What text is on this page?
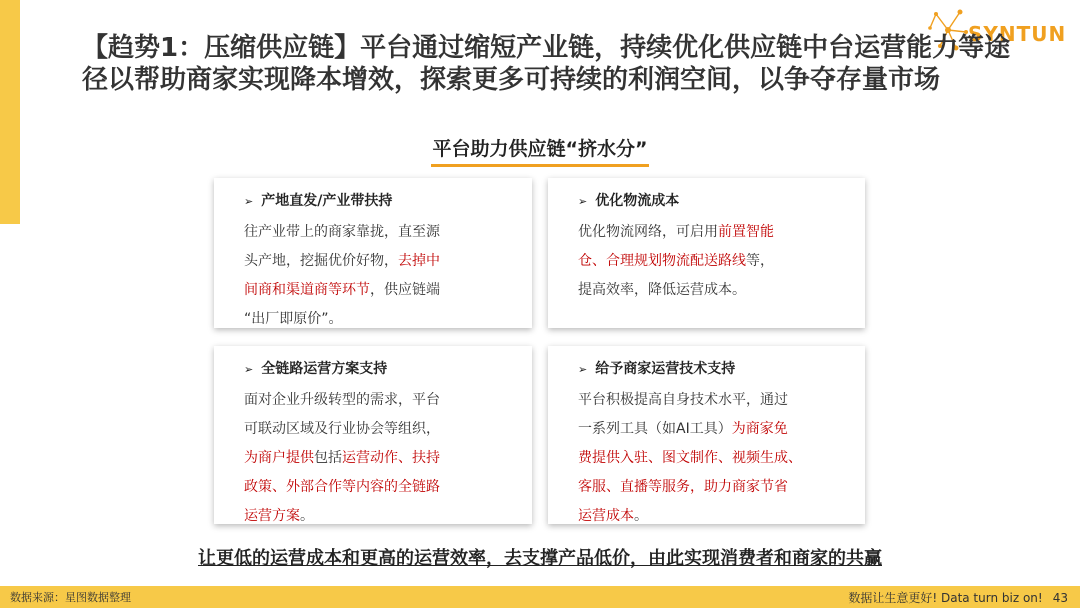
SYNTUN
【趋势1：压缩供应链】平台通过缩短产业链，持续优化供应链中台运营能力等途径以帮助商家实现降本增效，探索更多可持续的利润空间，以争夺存量市场
平台助力供应链“挤水分”
➢ 产地直发/产业带扶持
往产业带上的商家靠拢，直至源
头产地，挖掘优价好物，去掉中
间商和渠道商等环节，供应链端
“出厂即原价”。
➢ 优化物流成本
优化物流网络，可启用前置智能
仓、合理规划物流配送路线等，
提高效率，降低运营成本。
➢ 全链路运营方案支持
面对企业升级转型的需求，平台
可联动区域及行业协会等组织，
为商户提供包括运营动作、扶持
政策、外部合作等内容的全链路
运营方案。
➢ 给予商家运营技术支持
平台积极提高自身技术水平，通过
一系列工具（如AI工具）为商家免
费提供入驻、图文制作、视频生成、
客服、直播等服务，助力商家节省
运营成本。
让更低的运营成本和更高的运营效率，去支撑产品低价，由此实现消费者和商家的共赢
数据来源：星图数据整理	数据让生意更好! Data turn biz on! 43
